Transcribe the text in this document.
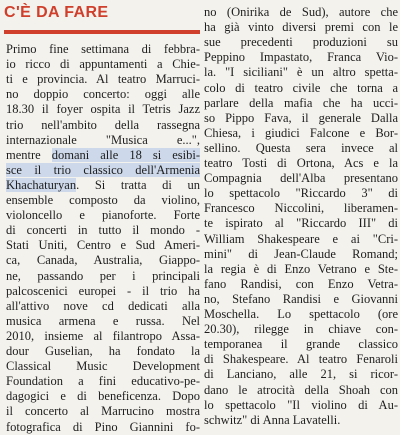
C'È DA FARE
Primo fine settimana di febbra-
io ricco di appuntamenti a Chie-
ti e provincia. Al teatro Marruci-
no doppio concerto: oggi alle
18.30 il foyer ospita il Tetris Jazz
trio nell'ambito della rassegna
internazionale "Musica e...",
mentre domani alle 18 si esibi-
sce il trio classico dell'Armenia
Khachaturyan. Si tratta di un
ensemble composto da violino,
violoncello e pianoforte. Forte
di concerti in tutto il mondo -
Stati Uniti, Centro e Sud Ameri-
ca, Canada, Australia, Giappo-
ne, passando per i principali
palcoscenici europei - il trio ha
all'attivo nove cd dedicati alla
musica armena e russa. Nel
2010, insieme al filantropo Assa-
dour Guselian, ha fondato la
Classical Music Development
Foundation a fini educativo-pe-
dagogici e di beneficenza. Dopo
il concerto al Marrucino mostra
fotografica di Pino Giannini fo-
no (Onirika de Sud), autore che
ha già vinto diversi premi con le
sue precedenti produzioni su
Peppino Impastato, Franca Vio-
la. "I siciliani" è un altro spetta-
colo di teatro civile che torna a
parlare della mafia che ha ucci-
so Pippo Fava, il generale Dalla
Chiesa, i giudici Falcone e Bor-
sellino. Questa sera invece al
teatro Tosti di Ortona, Acs e la
Compagnia dell'Alba presentano
lo spettacolo "Riccardo 3" di
Francesco Niccolini, liberamen-
te ispirato al "Riccardo III" di
William Shakespeare e ai "Cri-
mini" di Jean-Claude Romand;
la regia è di Enzo Vetrano e Ste-
fano Randisi, con Enzo Vetra-
no, Stefano Randisi e Giovanni
Moschella. Lo spettacolo (ore
20.30), rilegge in chiave con-
temporanea il grande classico
di Shakespeare. Al teatro Fenaroli
di Lanciano, alle 21, si ricor-
dano le atrocità della Shoah con
lo spettacolo "Il violino di Au-
schwitz" di Anna Lavatelli.
